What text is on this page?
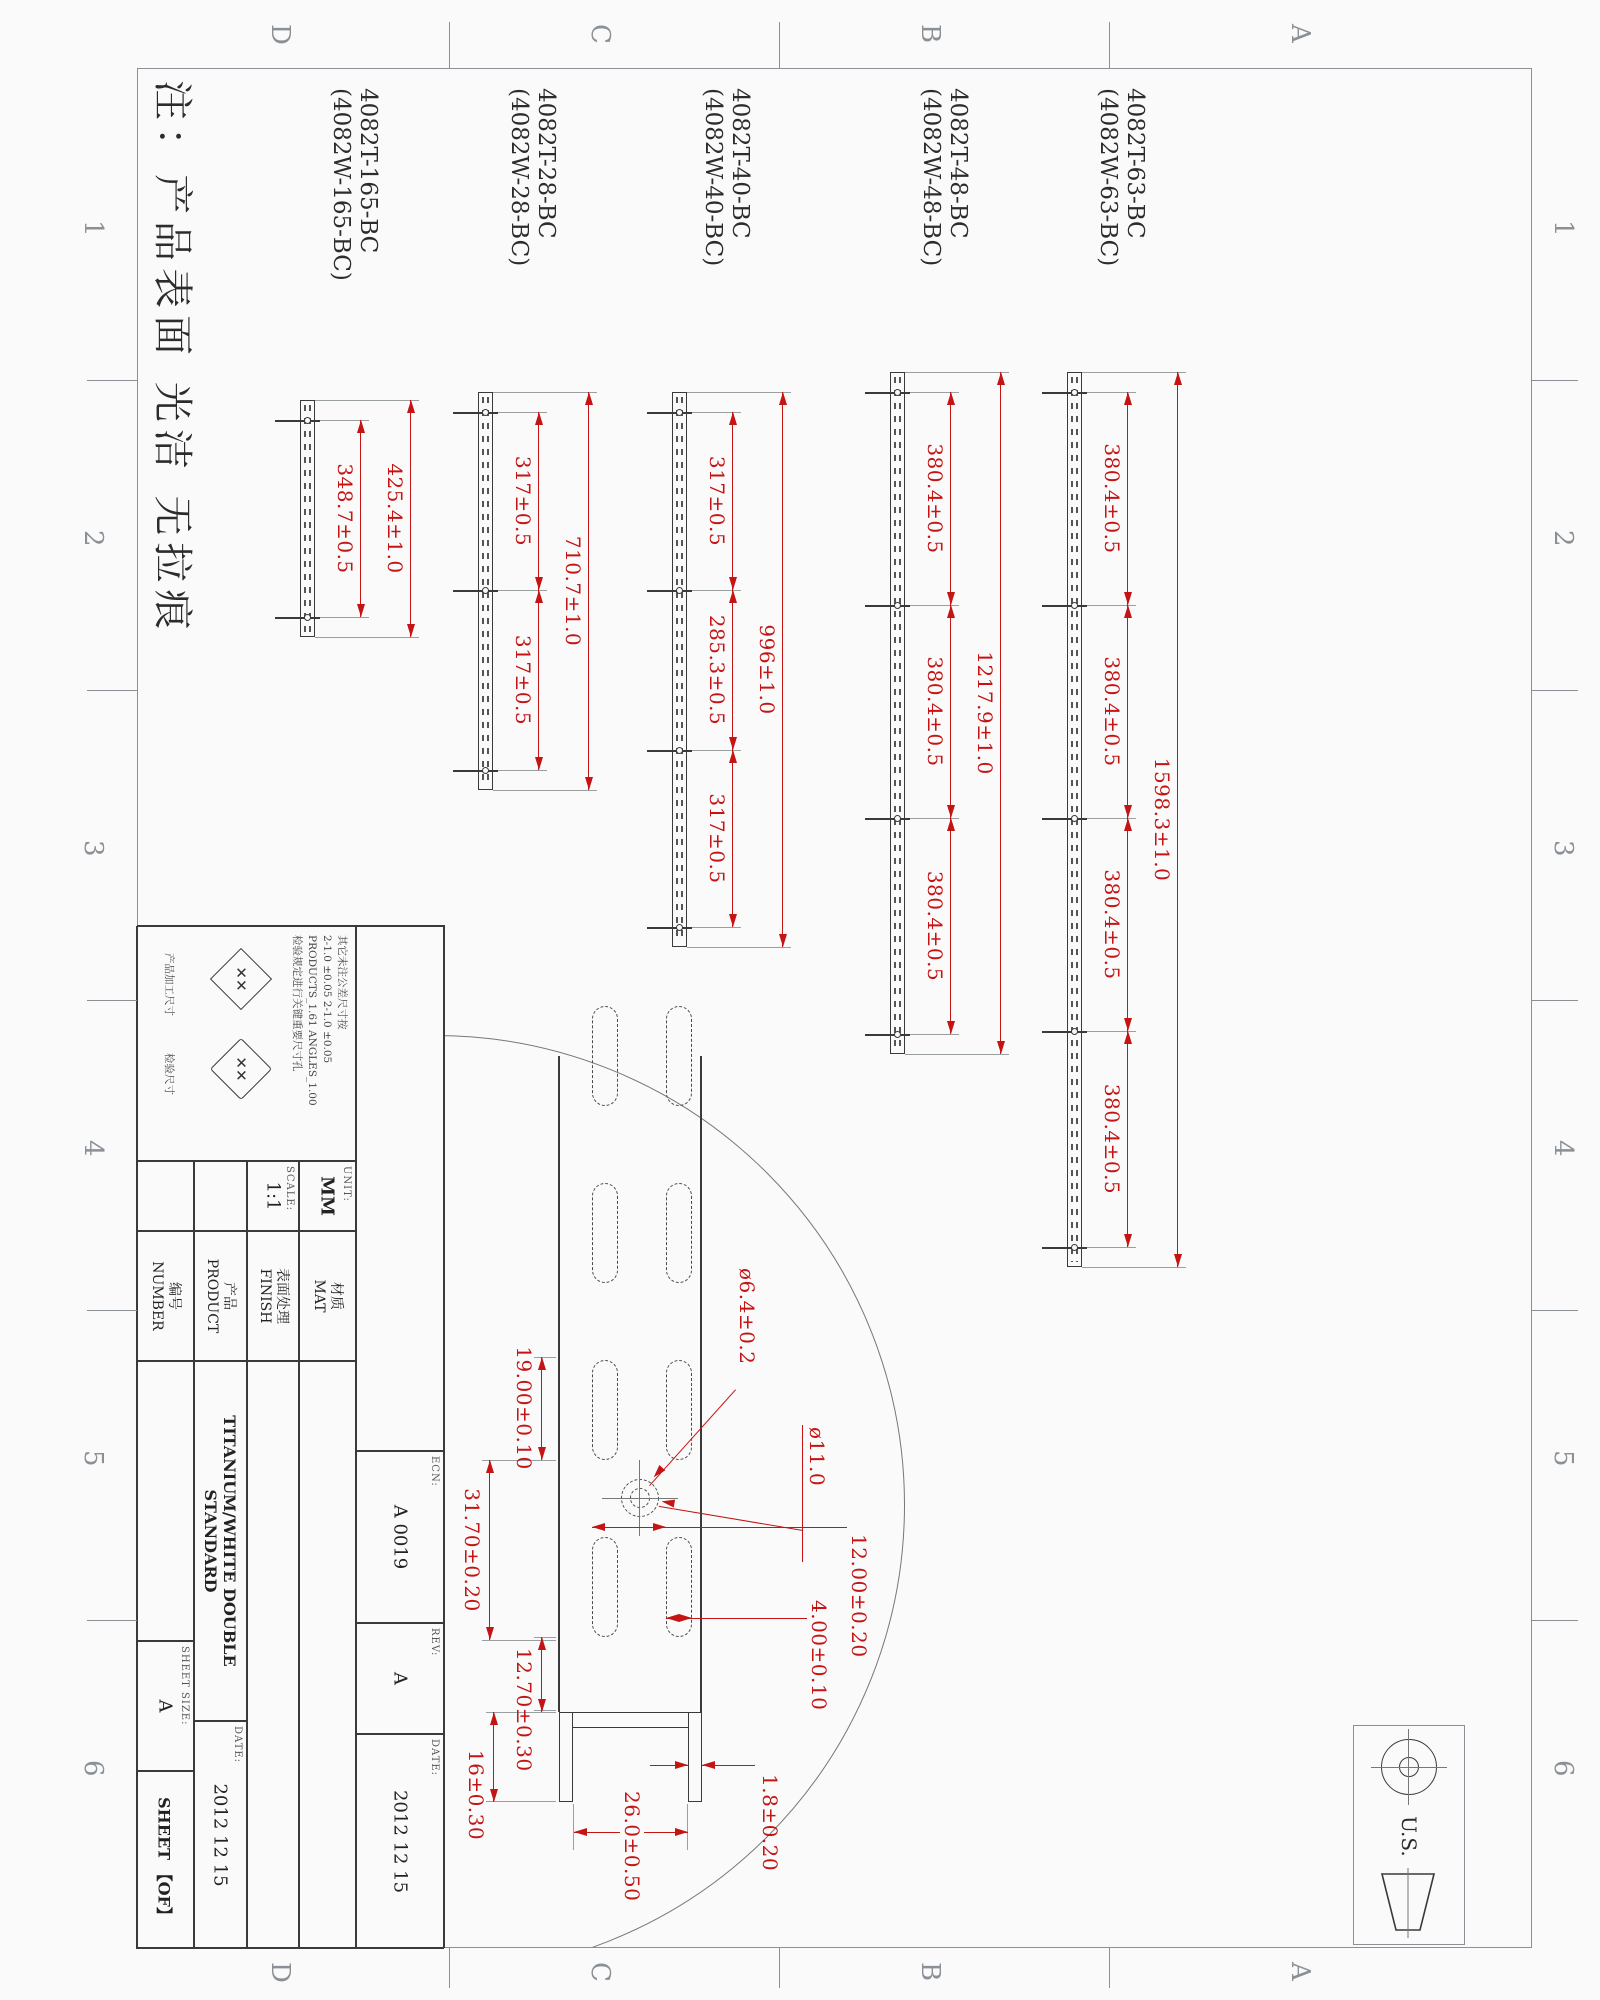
注：产品表面 光洁 无拉痕	4082T-63-BC
(4082W-63-BC)
380.4±0.5
380.4±0.5
380.4±0.5
380.4±0.5
1598.3±1.0
4082T-48-BC
(4082W-48-BC)
380.4±0.5
380.4±0.5
380.4±0.5
1217.9±1.0
4082T-40-BC
(4082W-40-BC)
317±0.5
285.3±0.5
317±0.5
996±1.0
4082T-28-BC
(4082W-28-BC)
317±0.5
317±0.5
710.7±1.0
4082T-165-BC
(4082W-165-BC)
348.7±0.5 425.4±1.0
19.00±0.10
31.70±0.20
12.70±0.30
16±0.30
12.00±0.20
4.00±0.10
ø6.4±0.2
ø11.0
26.0±0.50	1.8±0.20
ECN:
A 0019
REV:
A
DATE:
2012 12 15
其它未注公差尺寸按
2-1.0 ±0.05 2-1.0 ±0.05
PRODUCTS_1.61 ANGLES_1.00
检验规定进行关键重要尺寸孔
✕✕
✕✕
产品加工尺寸
检验尺寸
UNIT:
MM
SCALE:
1:1
材质
MAT
表面处理
FINISH
产品
PRODUCT
编号
NUMBER
TITANIUM/WHITE DOUBLE STANDARD
DATE:
2012 12 15
SHEET SIZE:
A
SHEET 【OF】	U.S.
1
1
2
2
3
3
4
4
5
5
6
6
A
A
B
B
C
C
D
D
